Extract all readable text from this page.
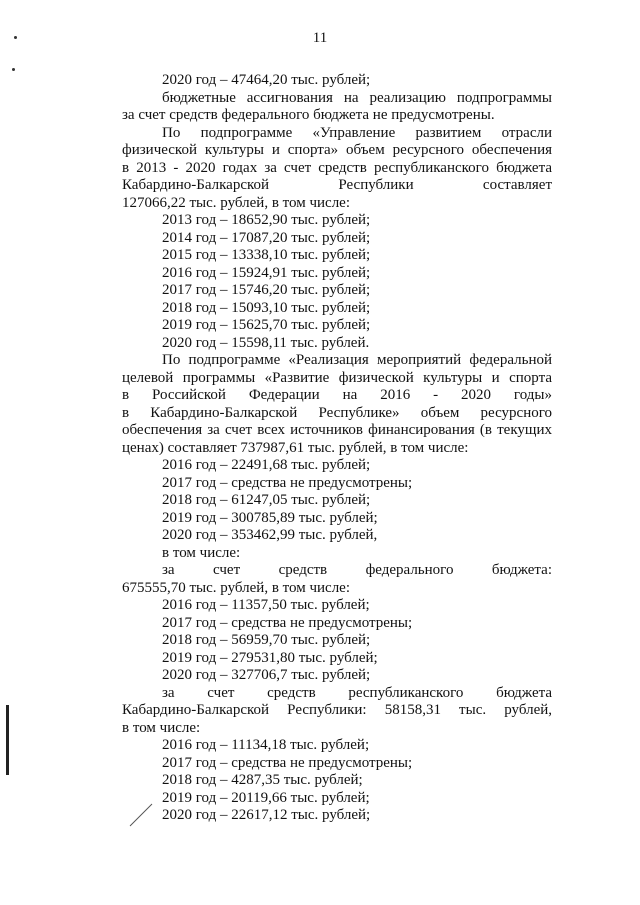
11
2020 год – 47464,20 тыс. рублей;
бюджетные ассигнования на реализацию подпрограммы
за счет средств федерального бюджета не предусмотрены.
По подпрограмме «Управление развитием отрасли
физической культуры и спорта» объем ресурсного обеспечения
в 2013 - 2020 годах за счет средств республиканского бюджета
Кабардино-Балкарской Республики составляет
127066,22 тыс. рублей, в том числе:
2013 год – 18652,90 тыс. рублей;
2014 год – 17087,20 тыс. рублей;
2015 год – 13338,10 тыс. рублей;
2016 год – 15924,91 тыс. рублей;
2017 год – 15746,20 тыс. рублей;
2018 год – 15093,10 тыс. рублей;
2019 год – 15625,70 тыс. рублей;
2020 год – 15598,11 тыс. рублей.
По подпрограмме «Реализация мероприятий федеральной
целевой программы «Развитие физической культуры и спорта
в Российской Федерации на 2016 - 2020 годы»
в Кабардино-Балкарской Республике» объем ресурсного
обеспечения за счет всех источников финансирования (в текущих
ценах) составляет 737987,61 тыс. рублей, в том числе:
2016 год – 22491,68 тыс. рублей;
2017 год – средства не предусмотрены;
2018 год – 61247,05 тыс. рублей;
2019 год – 300785,89 тыс. рублей;
2020 год – 353462,99 тыс. рублей,
в том числе:
за счет средств федерального бюджета:
675555,70 тыс. рублей, в том числе:
2016 год – 11357,50 тыс. рублей;
2017 год – средства не предусмотрены;
2018 год – 56959,70 тыс. рублей;
2019 год – 279531,80 тыс. рублей;
2020 год – 327706,7 тыс. рублей;
за счет средств республиканского бюджета
Кабардино-Балкарской Республики: 58158,31 тыс. рублей,
в том числе:
2016 год – 11134,18 тыс. рублей;
2017 год – средства не предусмотрены;
2018 год – 4287,35 тыс. рублей;
2019 год – 20119,66 тыс. рублей;
2020 год – 22617,12 тыс. рублей;
